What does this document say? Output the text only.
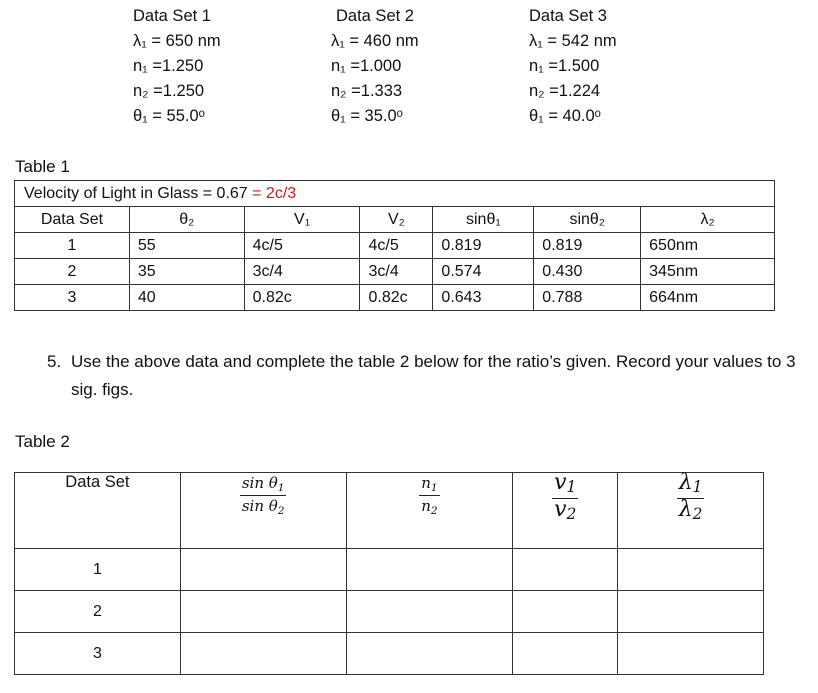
Data Set 1
λ₁ = 650 nm
n₁ =1.250
n₂ =1.250
θ₁ = 55.0ᵒ
Data Set 2
λ₁ = 460 nm
n₁ =1.000
n₂ =1.333
θ₁ = 35.0ᵒ
Data Set 3
λ₁ = 542 nm
n₁ =1.500
n₂ =1.224
θ₁ = 40.0ᵒ
Table 1
Velocity of Light in Glass = 0.67 = 2c/3						
Data Set	θ₂	V₁	V₂	sinθ₁	sinθ₂	λ₂
1	55	4c/5	4c/5	0.819	0.819	650nm
2	35	3c/4	3c/4	0.574	0.430	345nm
3	40	0.82c	0.82c	0.643	0.788	664nm
5. Use the above data and complete the table 2 below for the ratio’s given. Record your values to 3 sig. figs.
Table 2
Data Set	$\frac{\sin \theta_1}{\sin \theta_2}$	$\frac{n_1}{n_2}$	$\frac{v_1}{v_2}$	$\frac{\lambda_1}{\lambda_2}$

1				
2				
3				
